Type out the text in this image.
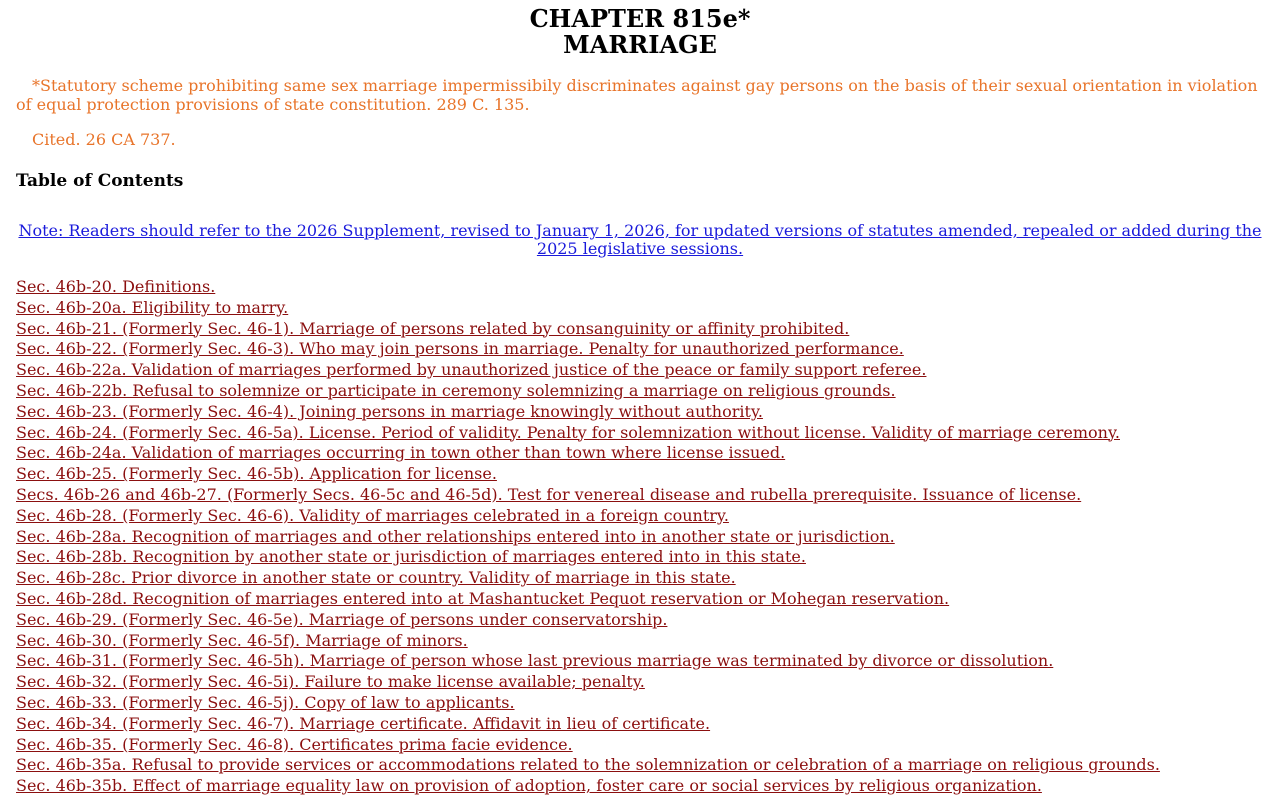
CHAPTER 815e*
MARRIAGE

*Statutory scheme prohibiting same sex marriage impermissibily discriminates against gay persons on the basis of their sexual orientation in violation of equal protection provisions of state constitution. 289 C. 135.

Cited. 26 CA 737.

Table of Contents
Note: Readers should refer to the 2026 Supplement, revised to January 1, 2026, for updated versions of statutes amended, repealed or added during the 2025 legislative sessions.
Sec. 46b-20. Definitions.
Sec. 46b-20a. Eligibility to marry.
Sec. 46b-21. (Formerly Sec. 46-1). Marriage of persons related by consanguinity or affinity prohibited.
Sec. 46b-22. (Formerly Sec. 46-3). Who may join persons in marriage. Penalty for unauthorized performance.
Sec. 46b-22a. Validation of marriages performed by unauthorized justice of the peace or family support referee.
Sec. 46b-22b. Refusal to solemnize or participate in ceremony solemnizing a marriage on religious grounds.
Sec. 46b-23. (Formerly Sec. 46-4). Joining persons in marriage knowingly without authority.
Sec. 46b-24. (Formerly Sec. 46-5a). License. Period of validity. Penalty for solemnization without license. Validity of marriage ceremony.
Sec. 46b-24a. Validation of marriages occurring in town other than town where license issued.
Sec. 46b-25. (Formerly Sec. 46-5b). Application for license.
Secs. 46b-26 and 46b-27. (Formerly Secs. 46-5c and 46-5d). Test for venereal disease and rubella prerequisite. Issuance of license.
Sec. 46b-28. (Formerly Sec. 46-6). Validity of marriages celebrated in a foreign country.
Sec. 46b-28a. Recognition of marriages and other relationships entered into in another state or jurisdiction.
Sec. 46b-28b. Recognition by another state or jurisdiction of marriages entered into in this state.
Sec. 46b-28c. Prior divorce in another state or country. Validity of marriage in this state.
Sec. 46b-28d. Recognition of marriages entered into at Mashantucket Pequot reservation or Mohegan reservation.
Sec. 46b-29. (Formerly Sec. 46-5e). Marriage of persons under conservatorship.
Sec. 46b-30. (Formerly Sec. 46-5f). Marriage of minors.
Sec. 46b-31. (Formerly Sec. 46-5h). Marriage of person whose last previous marriage was terminated by divorce or dissolution.
Sec. 46b-32. (Formerly Sec. 46-5i). Failure to make license available; penalty.
Sec. 46b-33. (Formerly Sec. 46-5j). Copy of law to applicants.
Sec. 46b-34. (Formerly Sec. 46-7). Marriage certificate. Affidavit in lieu of certificate.
Sec. 46b-35. (Formerly Sec. 46-8). Certificates prima facie evidence.
Sec. 46b-35a. Refusal to provide services or accommodations related to the solemnization or celebration of a marriage on religious grounds.
Sec. 46b-35b. Effect of marriage equality law on provision of adoption, foster care or social services by religious organization.
